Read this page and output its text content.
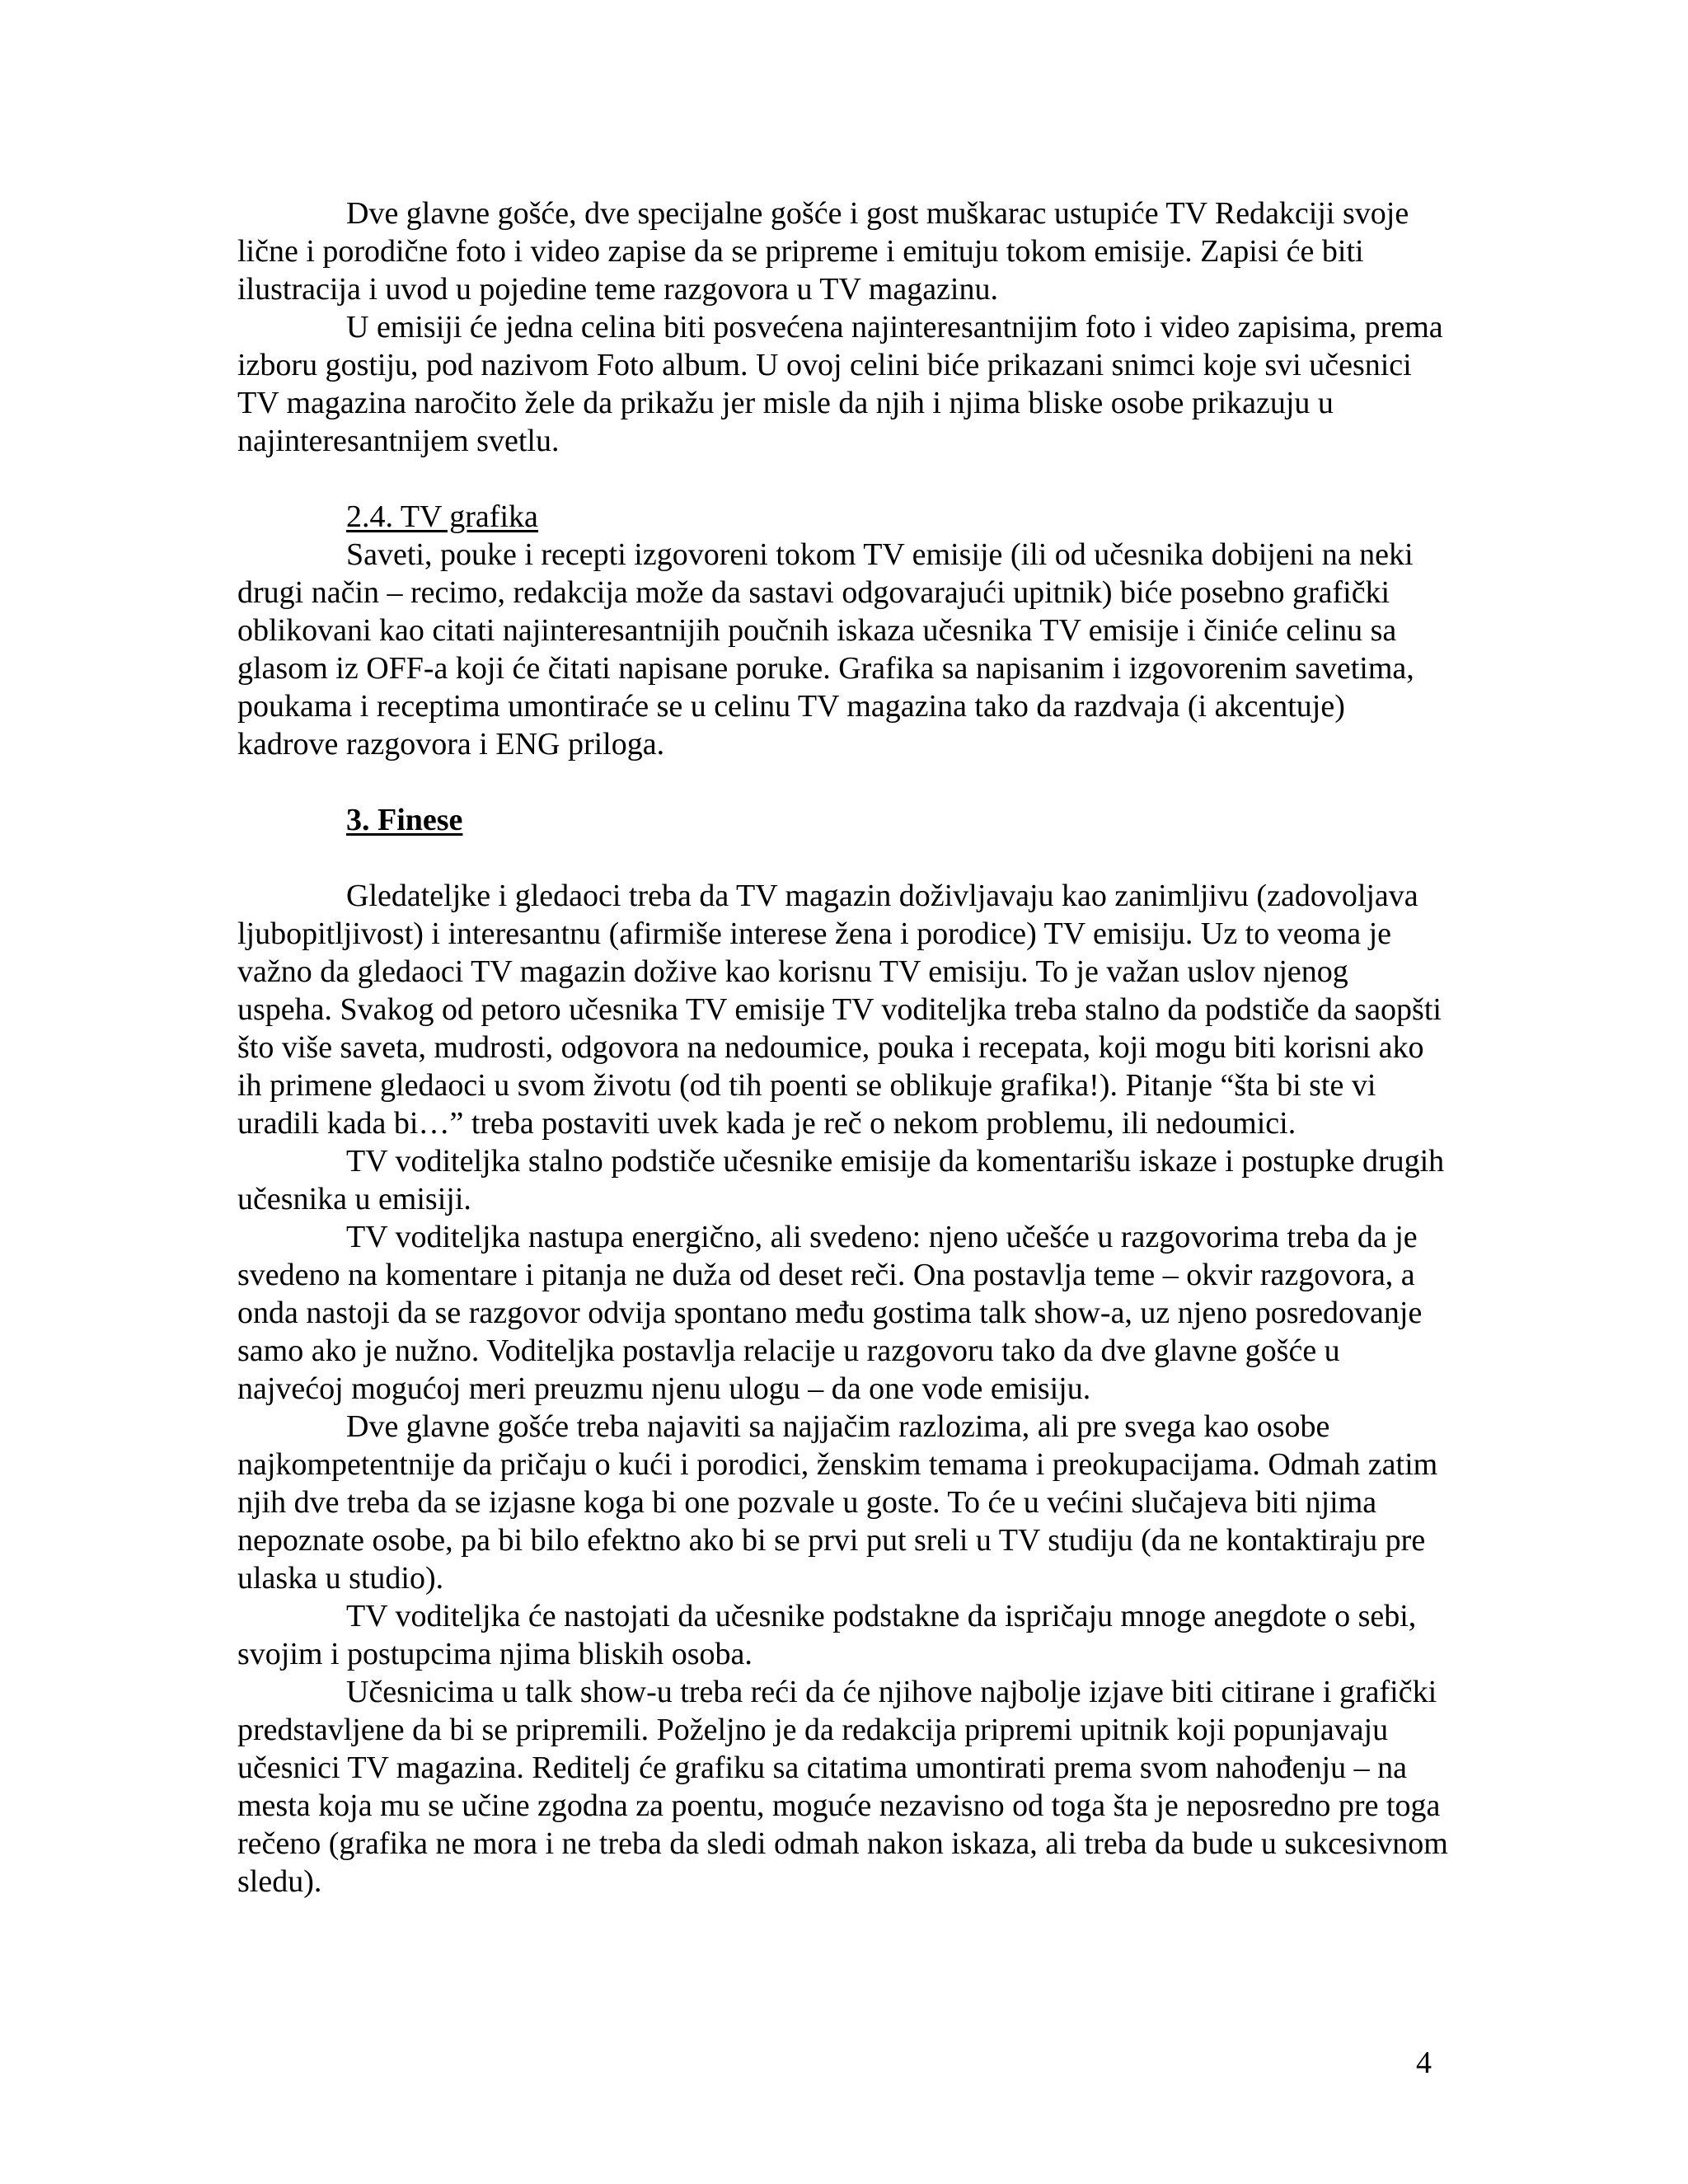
Dve glavne gošće, dve specijalne gošće i gost muškarac ustupiće TV Redakciji svoje lične i porodične foto i video zapise da se pripreme i emituju tokom emisije. Zapisi će biti ilustracija i uvod u pojedine teme razgovora u TV magazinu.

U emisiji će jedna celina biti posvećena najinteresantnijim foto i video zapisima, prema izboru gostiju, pod nazivom Foto album. U ovoj celini biće prikazani snimci koje svi učesnici TV magazina naročito žele da prikažu jer misle da njih i njima bliske osobe prikazuju u najinteresantnijem svetlu.

2.4. TV grafika

Saveti, pouke i recepti izgovoreni tokom TV emisije (ili od učesnika dobijeni na neki drugi način – recimo, redakcija može da sastavi odgovarajući upitnik) biće posebno grafički oblikovani kao citati najinteresantnijih poučnih iskaza učesnika TV emisije i činiće celinu sa glasom iz OFF-a koji će čitati napisane poruke. Grafika sa napisanim i izgovorenim savetima, poukama i receptima umontiraće se u celinu TV magazina tako da razdvaja (i akcentuje) kadrove razgovora i ENG priloga.

3. Finese

Gledateljke i gledaoci treba da TV magazin doživljavaju kao zanimljivu (zadovoljava ljubopitljivost) i interesantnu (afirmiše interese žena i porodice) TV emisiju. Uz to veoma je važno da gledaoci TV magazin dožive kao korisnu TV emisiju. To je važan uslov njenog uspeha. Svakog od petoro učesnika TV emisije TV voditeljka treba stalno da podstiče da saopšti što više saveta, mudrosti, odgovora na nedoumice, pouka i recepata, koji mogu biti korisni ako ih primene gledaoci u svom životu (od tih poenti se oblikuje grafika!). Pitanje “šta bi ste vi uradili kada bi…” treba postaviti uvek kada je reč o nekom problemu, ili nedoumici.

TV voditeljka stalno podstiče učesnike emisije da komentarišu iskaze i postupke drugih učesnika u emisiji.

TV voditeljka nastupa energično, ali svedeno: njeno učešće u razgovorima treba da je svedeno na komentare i pitanja ne duža od deset reči. Ona postavlja teme – okvir razgovora, a onda nastoji da se razgovor odvija spontano među gostima talk show-a, uz njeno posredovanje samo ako je nužno. Voditeljka postavlja relacije u razgovoru tako da dve glavne gošće u najvećoj mogućoj meri preuzmu njenu ulogu – da one vode emisiju.

Dve glavne gošće treba najaviti sa najjačim razlozima, ali pre svega kao osobe najkompetentnije da pričaju o kući i porodici, ženskim temama i preokupacijama. Odmah zatim njih dve treba da se izjasne koga bi one pozvale u goste. To će u većini slučajeva biti njima nepoznate osobe, pa bi bilo efektno ako bi se prvi put sreli u TV studiju (da ne kontaktiraju pre ulaska u studio).

TV voditeljka će nastojati da učesnike podstakne da ispričaju mnoge anegdote o sebi, svojim i postupcima njima bliskih osoba.

Učesnicima u talk show-u treba reći da će njihove najbolje izjave biti citirane i grafički predstavljene da bi se pripremili. Poželjno je da redakcija pripremi upitnik koji popunjavaju učesnici TV magazina. Reditelj će grafiku sa citatima umontirati prema svom nahođenju – na mesta koja mu se učine zgodna za poentu, moguće nezavisno od toga šta je neposredno pre toga rečeno (grafika ne mora i ne treba da sledi odmah nakon iskaza, ali treba da bude u sukcesivnom sledu).

4
